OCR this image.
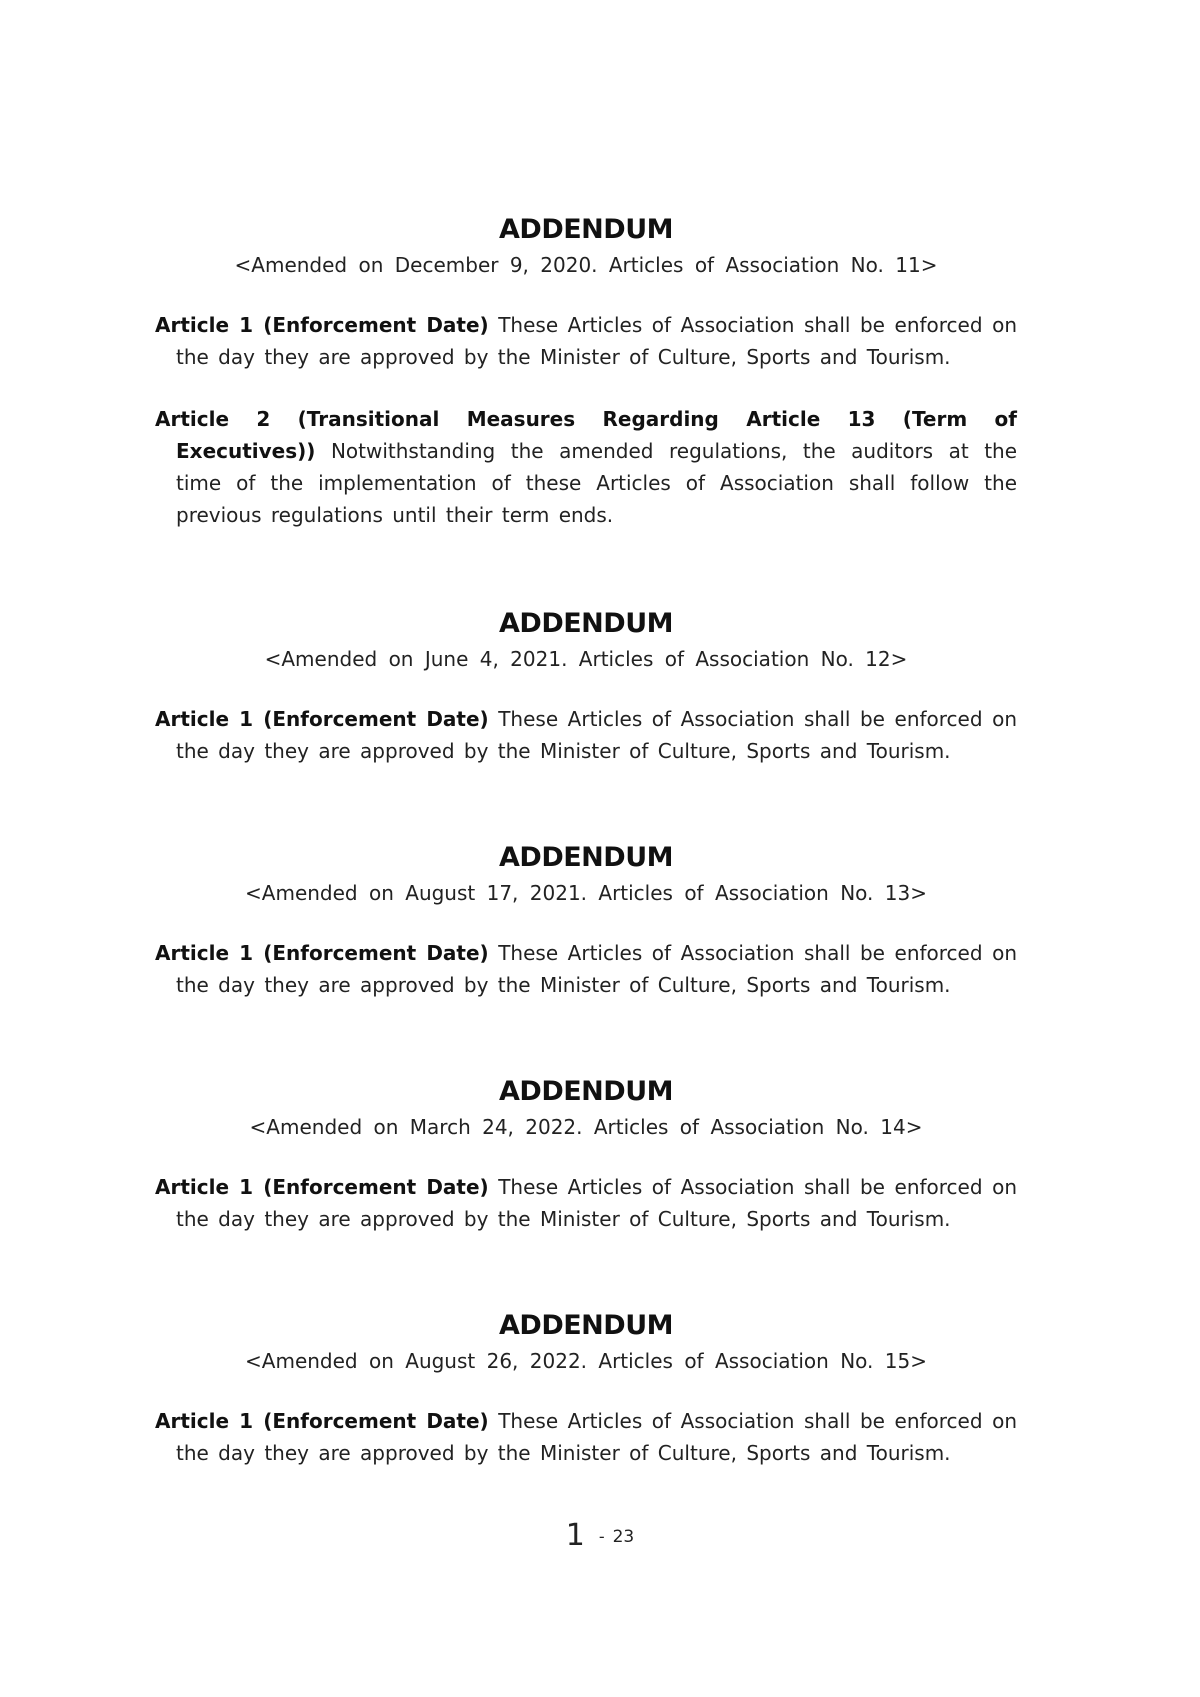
ADDENDUM
<Amended on December 9, 2020. Articles of Association No. 11>

Article 1 (Enforcement Date) These Articles of Association shall be enforced on the day they are approved by the Minister of Culture, Sports and Tourism.

Article 2 (Transitional Measures Regarding Article 13 (Term of Executives)) Notwithstanding the amended regulations, the auditors at the time of the implementation of these Articles of Association shall follow the previous regulations until their term ends.

ADDENDUM
<Amended on June 4, 2021. Articles of Association No. 12>

Article 1 (Enforcement Date) These Articles of Association shall be enforced on the day they are approved by the Minister of Culture, Sports and Tourism.

ADDENDUM
<Amended on August 17, 2021. Articles of Association No. 13>

Article 1 (Enforcement Date) These Articles of Association shall be enforced on the day they are approved by the Minister of Culture, Sports and Tourism.

ADDENDUM
<Amended on March 24, 2022. Articles of Association No. 14>

Article 1 (Enforcement Date) These Articles of Association shall be enforced on the day they are approved by the Minister of Culture, Sports and Tourism.

ADDENDUM
<Amended on August 26, 2022. Articles of Association No. 15>

Article 1 (Enforcement Date) These Articles of Association shall be enforced on the day they are approved by the Minister of Culture, Sports and Tourism.

1 - 23
